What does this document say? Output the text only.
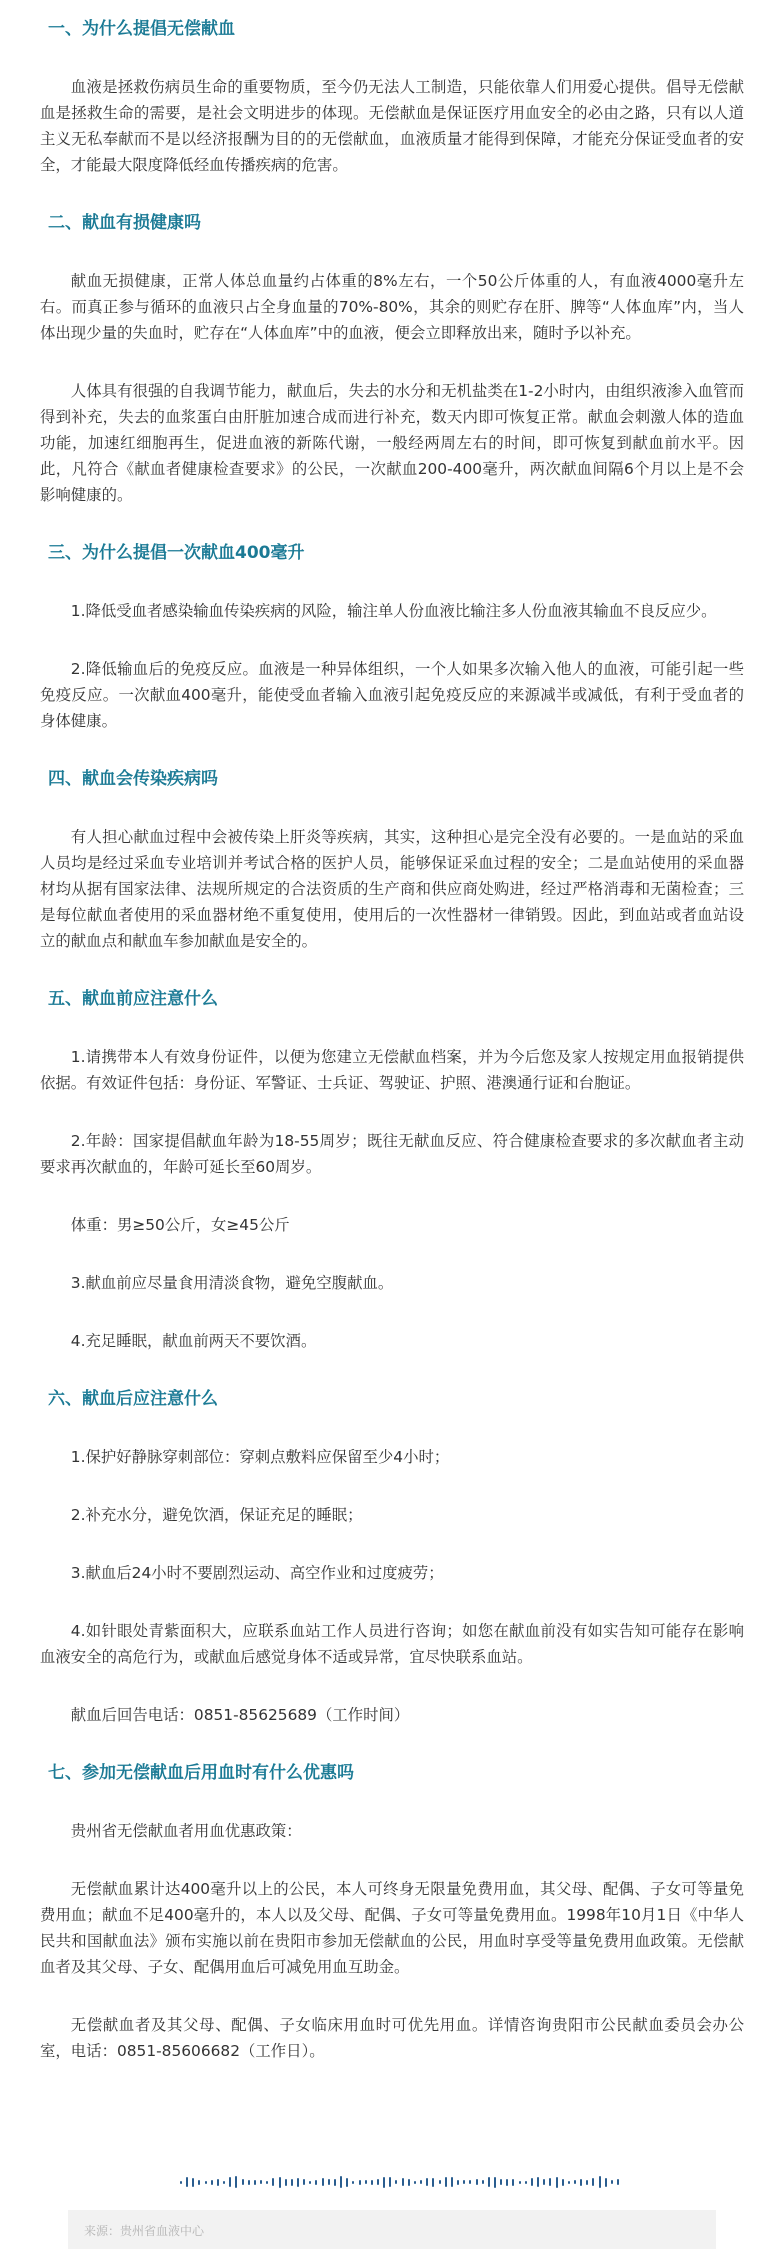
一、为什么提倡无偿献血

血液是拯救伤病员生命的重要物质，至今仍无法人工制造，只能依靠人们用爱心提供。倡导无偿献血是拯救生命的需要，是社会文明进步的体现。无偿献血是保证医疗用血安全的必由之路，只有以人道主义无私奉献而不是以经济报酬为目的的无偿献血，血液质量才能得到保障，才能充分保证受血者的安全，才能最大限度降低经血传播疾病的危害。

二、献血有损健康吗

献血无损健康，正常人体总血量约占体重的8%左右，一个50公斤体重的人，有血液4000毫升左右。而真正参与循环的血液只占全身血量的70%-80%，其余的则贮存在肝、脾等“人体血库”内，当人体出现少量的失血时，贮存在“人体血库”中的血液，便会立即释放出来，随时予以补充。

人体具有很强的自我调节能力，献血后，失去的水分和无机盐类在1-2小时内，由组织液渗入血管而得到补充，失去的血浆蛋白由肝脏加速合成而进行补充，数天内即可恢复正常。献血会刺激人体的造血功能，加速红细胞再生，促进血液的新陈代谢，一般经两周左右的时间，即可恢复到献血前水平。因此，凡符合《献血者健康检查要求》的公民，一次献血200-400毫升，两次献血间隔6个月以上是不会影响健康的。

三、为什么提倡一次献血400毫升

1.降低受血者感染输血传染疾病的风险，输注单人份血液比输注多人份血液其输血不良反应少。

2.降低输血后的免疫反应。血液是一种异体组织，一个人如果多次输入他人的血液，可能引起一些免疫反应。一次献血400毫升，能使受血者输入血液引起免疫反应的来源减半或减低，有利于受血者的身体健康。

四、献血会传染疾病吗

有人担心献血过程中会被传染上肝炎等疾病，其实，这种担心是完全没有必要的。一是血站的采血人员均是经过采血专业培训并考试合格的医护人员，能够保证采血过程的安全；二是血站使用的采血器材均从据有国家法律、法规所规定的合法资质的生产商和供应商处购进，经过严格消毒和无菌检查；三是每位献血者使用的采血器材绝不重复使用，使用后的一次性器材一律销毁。因此，到血站或者血站设立的献血点和献血车参加献血是安全的。

五、献血前应注意什么

1.请携带本人有效身份证件，以便为您建立无偿献血档案，并为今后您及家人按规定用血报销提供依据。有效证件包括：身份证、军警证、士兵证、驾驶证、护照、港澳通行证和台胞证。

2.年龄：国家提倡献血年龄为18-55周岁；既往无献血反应、符合健康检查要求的多次献血者主动要求再次献血的，年龄可延长至60周岁。

体重：男≥50公斤，女≥45公斤

3.献血前应尽量食用清淡食物，避免空腹献血。

4.充足睡眠，献血前两天不要饮酒。

六、献血后应注意什么

1.保护好静脉穿刺部位：穿刺点敷料应保留至少4小时；

2.补充水分，避免饮酒，保证充足的睡眠；

3.献血后24小时不要剧烈运动、高空作业和过度疲劳；

4.如针眼处青紫面积大，应联系血站工作人员进行咨询；如您在献血前没有如实告知可能存在影响血液安全的高危行为，或献血后感觉身体不适或异常，宜尽快联系血站。

献血后回告电话：0851-85625689（工作时间）

七、参加无偿献血后用血时有什么优惠吗

贵州省无偿献血者用血优惠政策：

无偿献血累计达400毫升以上的公民，本人可终身无限量免费用血，其父母、配偶、子女可等量免费用血；献血不足400毫升的，本人以及父母、配偶、子女可等量免费用血。1998年10月1日《中华人民共和国献血法》颁布实施以前在贵阳市参加无偿献血的公民，用血时享受等量免费用血政策。无偿献血者及其父母、子女、配偶用血后可减免用血互助金。

无偿献血者及其父母、配偶、子女临床用血时可优先用血。详情咨询贵阳市公民献血委员会办公室，电话：0851-85606682（工作日）。

来源：贵州省血液中心
